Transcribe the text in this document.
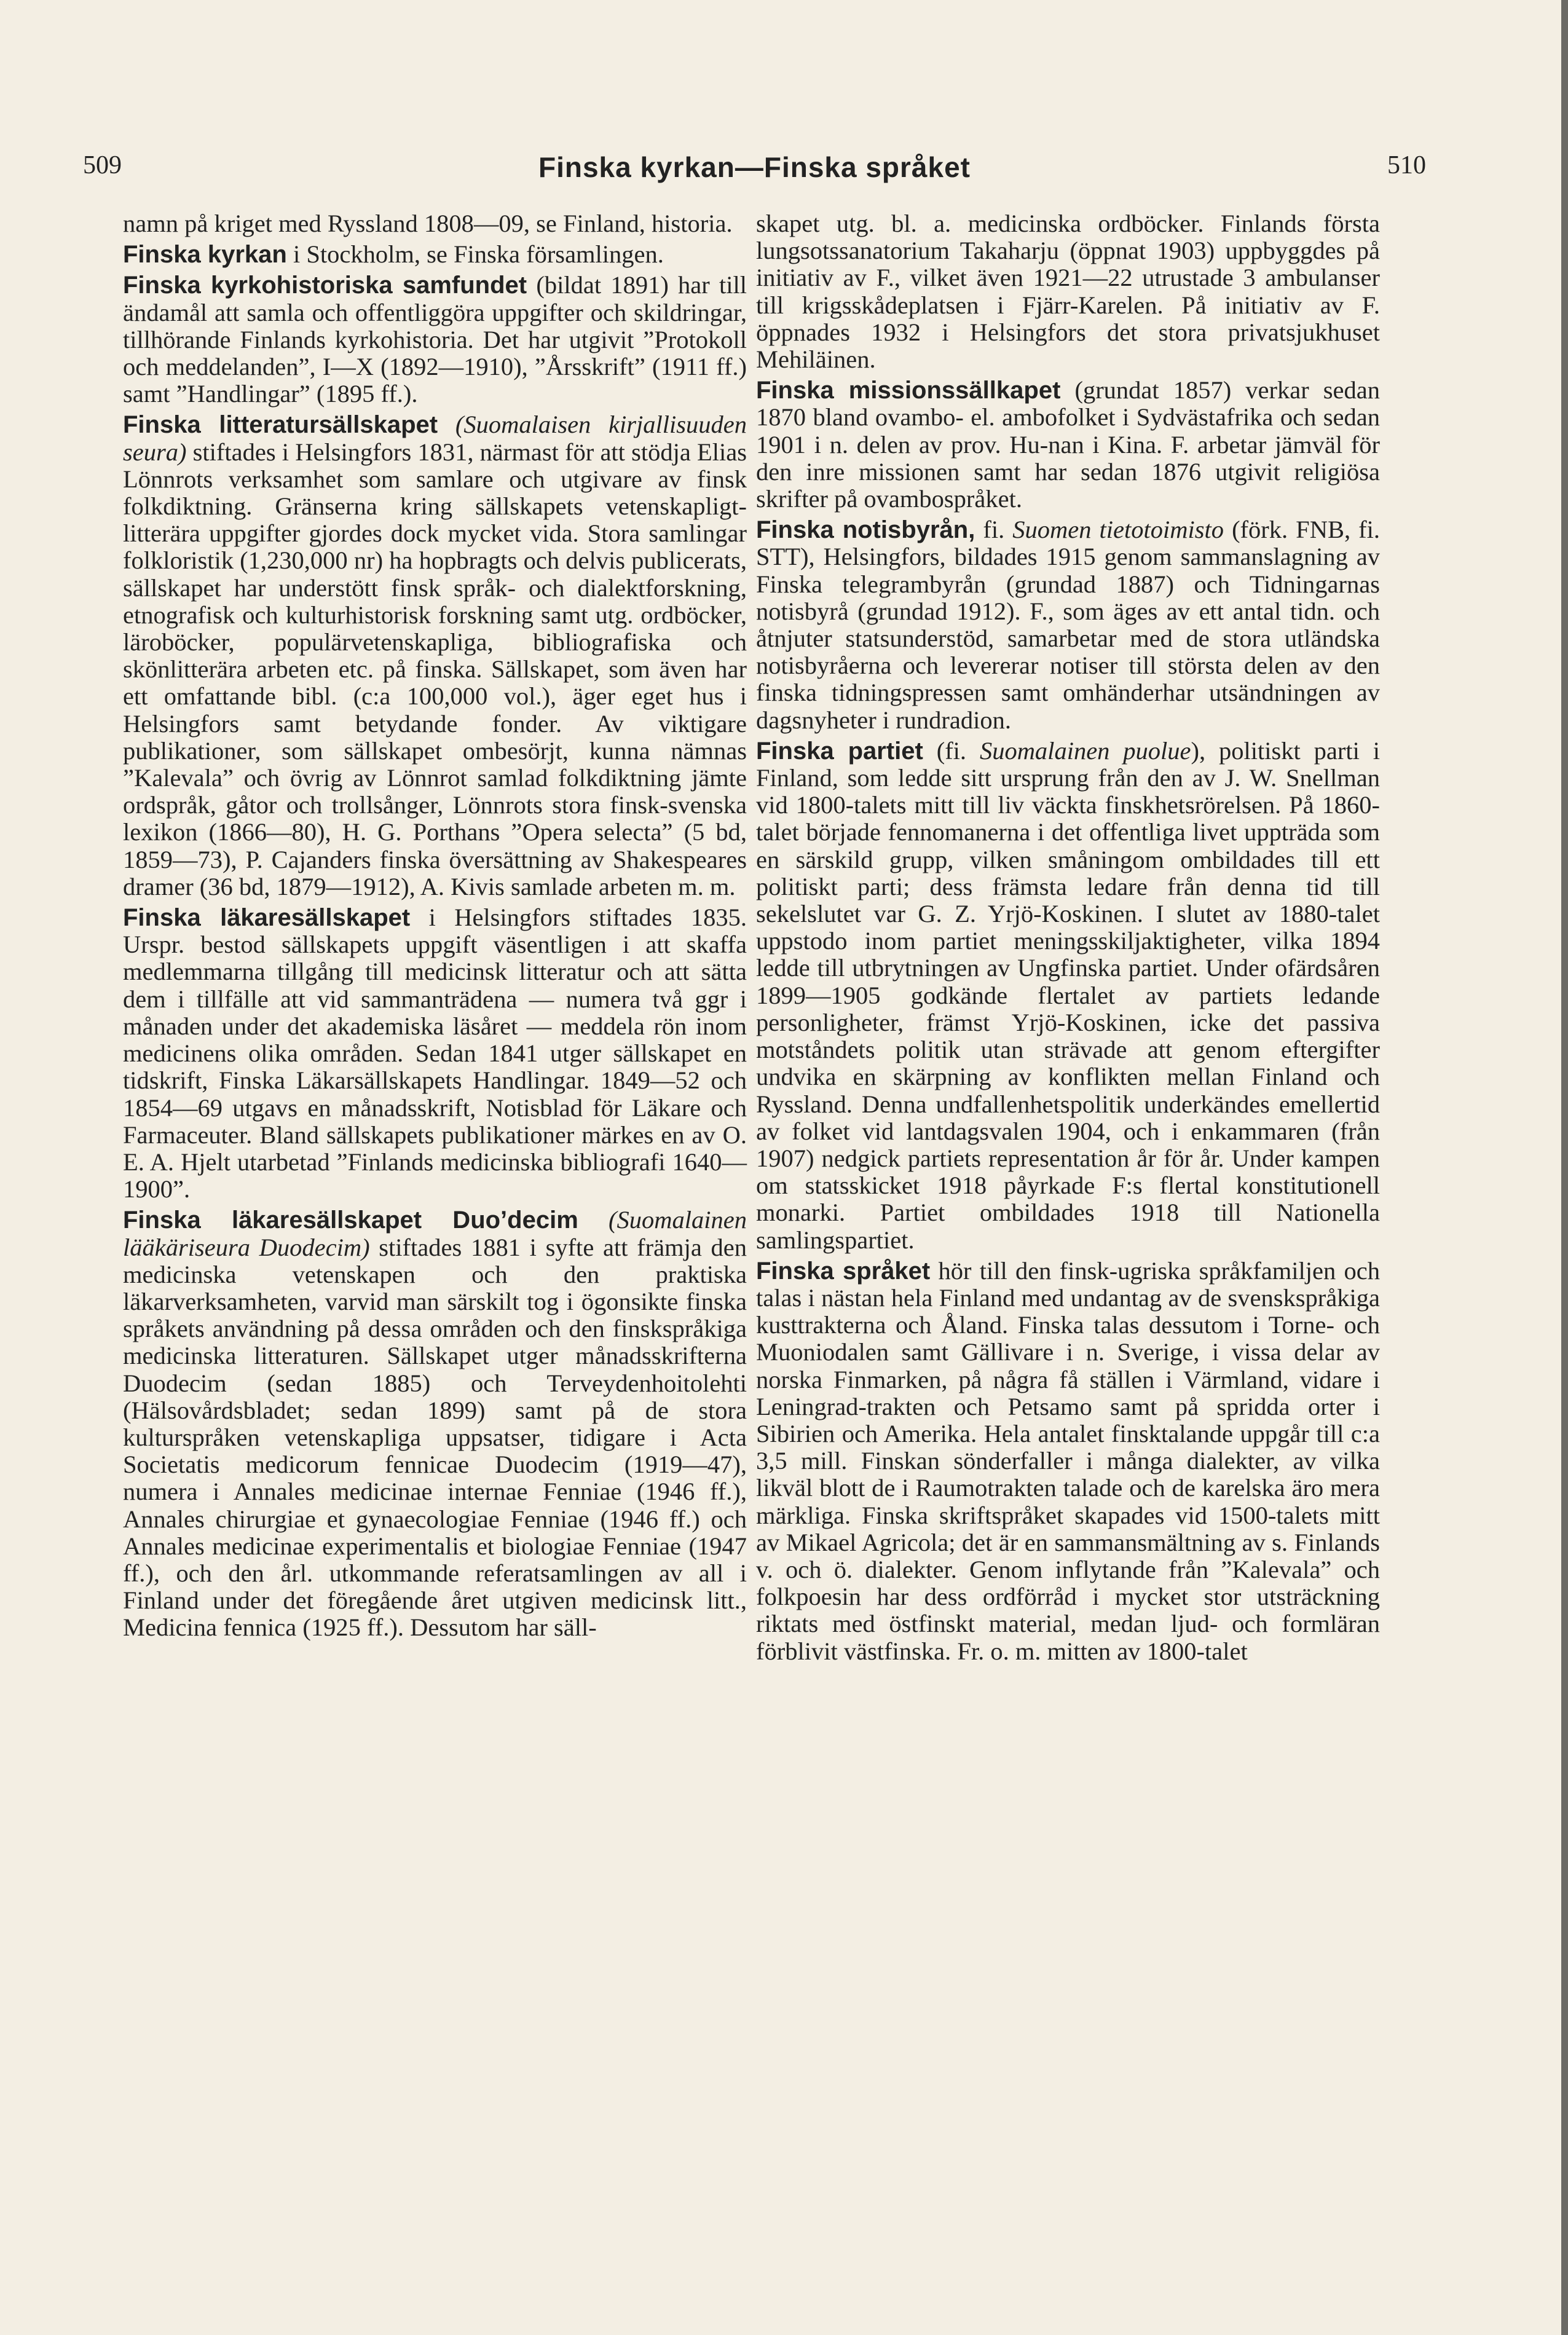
509	Finska kyrkan—Finska språket	510

namn på kriget med Ryssland 1808—09, se Finland, historia.

Finska kyrkan i Stockholm, se Finska församlingen.

Finska kyrkohistoriska samfundet (bildat 1891) har till ändamål att samla och offentliggöra uppgifter och skildringar, tillhörande Finlands kyrkohistoria. Det har utgivit ”Protokoll och meddelanden”, I—X (1892—1910), ”Årsskrift” (1911 ff.) samt ”Handlingar” (1895 ff.).

Finska litteratursällskapet (Suomalaisen kirjallisuuden seura) stiftades i Helsingfors 1831, närmast för att stödja Elias Lönnrots verksamhet som samlare och utgivare av finsk folkdiktning. Gränserna kring sällskapets vetenskapligt-litterära uppgifter gjordes dock mycket vida. Stora samlingar folkloristik (1,230,000 nr) ha hopbragts och delvis publicerats, sällskapet har understött finsk språk- och dialektforskning, etnografisk och kulturhistorisk forskning samt utg. ordböcker, läroböcker, populärvetenskapliga, bibliografiska och skönlitterära arbeten etc. på finska. Sällskapet, som även har ett omfattande bibl. (c:a 100,000 vol.), äger eget hus i Helsingfors samt betydande fonder. Av viktigare publikationer, som sällskapet ombesörjt, kunna nämnas ”Kalevala” och övrig av Lönnrot samlad folkdiktning jämte ordspråk, gåtor och trollsånger, Lönnrots stora finsk-svenska lexikon (1866—80), H. G. Porthans ”Opera selecta” (5 bd, 1859—73), P. Cajanders finska översättning av Shakespeares dramer (36 bd, 1879—1912), A. Kivis samlade arbeten m. m.

Finska läkaresällskapet i Helsingfors stiftades 1835. Urspr. bestod sällskapets uppgift väsentligen i att skaffa medlemmarna tillgång till medicinsk litteratur och att sätta dem i tillfälle att vid sammanträdena — numera två ggr i månaden under det akademiska läsåret — meddela rön inom medicinens olika områden. Sedan 1841 utger sällskapet en tidskrift, Finska Läkarsällskapets Handlingar. 1849—52 och 1854—69 utgavs en månadsskrift, Notisblad för Läkare och Farmaceuter. Bland sällskapets publikationer märkes en av O. E. A. Hjelt utarbetad ”Finlands medicinska bibliografi 1640—1900”.

Finska läkaresällskapet Duo’decim (Suomalainen lääkäriseura Duodecim) stiftades 1881 i syfte att främja den medicinska vetenskapen och den praktiska läkarverksamheten, varvid man särskilt tog i ögonsikte finska språkets användning på dessa områden och den finskspråkiga medicinska litteraturen. Sällskapet utger månadsskrifterna Duodecim (sedan 1885) och Terveydenhoitolehti (Hälsovårdsbladet; sedan 1899) samt på de stora kulturspråken vetenskapliga uppsatser, tidigare i Acta Societatis medicorum fennicae Duodecim (1919—47), numera i Annales medicinae internae Fenniae (1946 ff.), Annales chirurgiae et gynaecologiae Fenniae (1946 ff.) och Annales medicinae experimentalis et biologiae Fenniae (1947 ff.), och den årl. utkommande referatsamlingen av all i Finland under det föregående året utgiven medicinsk litt., Medicina fennica (1925 ff.). Dessutom har säll-

skapet utg. bl. a. medicinska ordböcker. Finlands första lungsotssanatorium Takaharju (öppnat 1903) uppbyggdes på initiativ av F., vilket även 1921—22 utrustade 3 ambulanser till krigsskådeplatsen i Fjärr-Karelen. På initiativ av F. öppnades 1932 i Helsingfors det stora privatsjukhuset Mehiläinen.

Finska missionssällkapet (grundat 1857) verkar sedan 1870 bland ovambo- el. ambofolket i Sydvästafrika och sedan 1901 i n. delen av prov. Hu-nan i Kina. F. arbetar jämväl för den inre missionen samt har sedan 1876 utgivit religiösa skrifter på ovambospråket.

Finska notisbyrån, fi. Suomen tietotoimisto (förk. FNB, fi. STT), Helsingfors, bildades 1915 genom sammanslagning av Finska telegrambyrån (grundad 1887) och Tidningarnas notisbyrå (grundad 1912). F., som äges av ett antal tidn. och åtnjuter statsunderstöd, samarbetar med de stora utländska notisbyråerna och levererar notiser till största delen av den finska tidningspressen samt omhänderhar utsändningen av dagsnyheter i rundradion.

Finska partiet (fi. Suomalainen puolue), politiskt parti i Finland, som ledde sitt ursprung från den av J. W. Snellman vid 1800-talets mitt till liv väckta finskhetsrörelsen. På 1860-talet började fennomanerna i det offentliga livet uppträda som en särskild grupp, vilken småningom ombildades till ett politiskt parti; dess främsta ledare från denna tid till sekelslutet var G. Z. Yrjö-Koskinen. I slutet av 1880-talet uppstodo inom partiet meningsskiljaktigheter, vilka 1894 ledde till utbrytningen av Ungfinska partiet. Under ofärdsåren 1899—1905 godkände flertalet av partiets ledande personligheter, främst Yrjö-Koskinen, icke det passiva motståndets politik utan strävade att genom eftergifter undvika en skärpning av konflikten mellan Finland och Ryssland. Denna undfallenhetspolitik underkändes emellertid av folket vid lantdagsvalen 1904, och i enkammaren (från 1907) nedgick partiets representation år för år. Under kampen om statsskicket 1918 påyrkade F:s flertal konstitutionell monarki. Partiet ombildades 1918 till Nationella samlingspartiet.

Finska språket hör till den finsk-ugriska språkfamiljen och talas i nästan hela Finland med undantag av de svenskspråkiga kusttrakterna och Åland. Finska talas dessutom i Torne- och Muoniodalen samt Gällivare i n. Sverige, i vissa delar av norska Finmarken, på några få ställen i Värmland, vidare i Leningrad-trakten och Petsamo samt på spridda orter i Sibirien och Amerika. Hela antalet finsktalande uppgår till c:a 3,5 mill. Finskan sönderfaller i många dialekter, av vilka likväl blott de i Raumotrakten talade och de karelska äro mera märkliga. Finska skriftspråket skapades vid 1500-talets mitt av Mikael Agricola; det är en sammansmältning av s. Finlands v. och ö. dialekter. Genom inflytande från ”Kalevala” och folkpoesin har dess ordförråd i mycket stor utsträckning riktats med östfinskt material, medan ljud- och formläran förblivit västfinska. Fr. o. m. mitten av 1800-talet
